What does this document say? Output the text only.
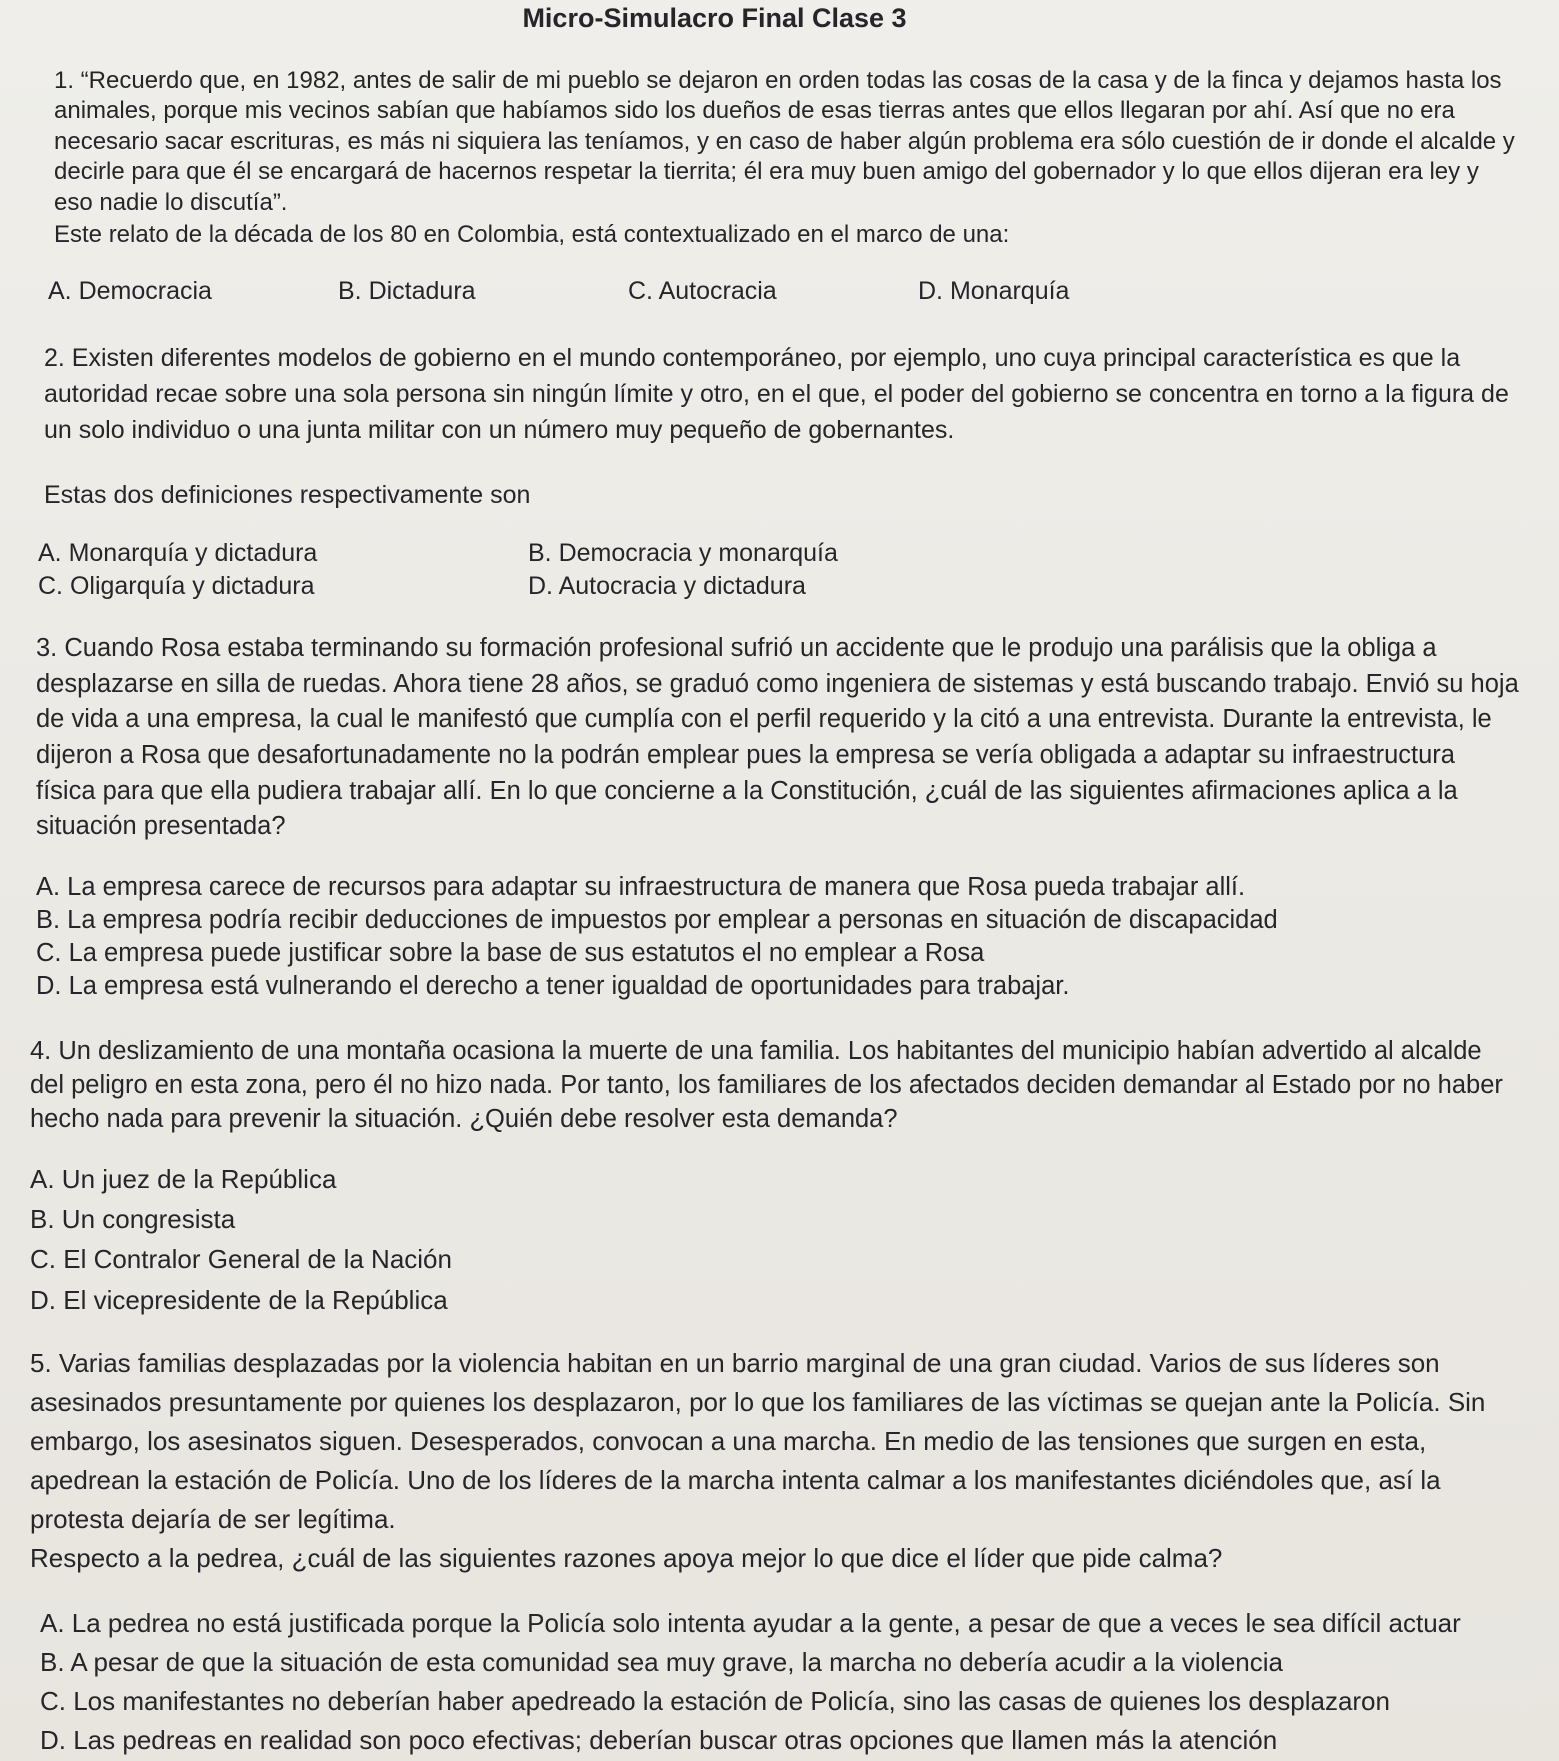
Micro-Simulacro Final Clase 3

1. “Recuerdo que, en 1982, antes de salir de mi pueblo se dejaron en orden todas las cosas de la casa y de la finca y dejamos hasta los animales, porque mis vecinos sabían que habíamos sido los dueños de esas tierras antes que ellos llegaran por ahí. Así que no era necesario sacar escrituras, es más ni siquiera las teníamos, y en caso de haber algún problema era sólo cuestión de ir donde el alcalde y decirle para que él se encargará de hacernos respetar la tierrita; él era muy buen amigo del gobernador y lo que ellos dijeran era ley y eso nadie lo discutía”.

Este relato de la década de los 80 en Colombia, está contextualizado en el marco de una:

A. Democracia	B. Dictadura	C. Autocracia	D. Monarquía

2. Existen diferentes modelos de gobierno en el mundo contemporáneo, por ejemplo, uno cuya principal característica es que la autoridad recae sobre una sola persona sin ningún límite y otro, en el que, el poder del gobierno se concentra en torno a la figura de un solo individuo o una junta militar con un número muy pequeño de gobernantes.

Estas dos definiciones respectivamente son

A. Monarquía y dictadura	B. Democracia y monarquía

C. Oligarquía y dictadura	D. Autocracia y dictadura

3. Cuando Rosa estaba terminando su formación profesional sufrió un accidente que le produjo una parálisis que la obliga a desplazarse en silla de ruedas. Ahora tiene 28 años, se graduó como ingeniera de sistemas y está buscando trabajo. Envió su hoja de vida a una empresa, la cual le manifestó que cumplía con el perfil requerido y la citó a una entrevista. Durante la entrevista, le dijeron a Rosa que desafortunadamente no la podrán emplear pues la empresa se vería obligada a adaptar su infraestructura física para que ella pudiera trabajar allí. En lo que concierne a la Constitución, ¿cuál de las siguientes afirmaciones aplica a la situación presentada?

A. La empresa carece de recursos para adaptar su infraestructura de manera que Rosa pueda trabajar allí.

B. La empresa podría recibir deducciones de impuestos por emplear a personas en situación de discapacidad

C. La empresa puede justificar sobre la base de sus estatutos el no emplear a Rosa

D. La empresa está vulnerando el derecho a tener igualdad de oportunidades para trabajar.

4. Un deslizamiento de una montaña ocasiona la muerte de una familia. Los habitantes del municipio habían advertido al alcalde del peligro en esta zona, pero él no hizo nada. Por tanto, los familiares de los afectados deciden demandar al Estado por no haber hecho nada para prevenir la situación. ¿Quién debe resolver esta demanda?

A. Un juez de la República

B. Un congresista

C. El Contralor General de la Nación

D. El vicepresidente de la República

5. Varias familias desplazadas por la violencia habitan en un barrio marginal de una gran ciudad. Varios de sus líderes son asesinados presuntamente por quienes los desplazaron, por lo que los familiares de las víctimas se quejan ante la Policía. Sin embargo, los asesinatos siguen. Desesperados, convocan a una marcha. En medio de las tensiones que surgen en esta, apedrean la estación de Policía. Uno de los líderes de la marcha intenta calmar a los manifestantes diciéndoles que, así la protesta dejaría de ser legítima.

Respecto a la pedrea, ¿cuál de las siguientes razones apoya mejor lo que dice el líder que pide calma?

A. La pedrea no está justificada porque la Policía solo intenta ayudar a la gente, a pesar de que a veces le sea difícil actuar

B. A pesar de que la situación de esta comunidad sea muy grave, la marcha no debería acudir a la violencia

C. Los manifestantes no deberían haber apedreado la estación de Policía, sino las casas de quienes los desplazaron

D. Las pedreas en realidad son poco efectivas; deberían buscar otras opciones que llamen más la atención
